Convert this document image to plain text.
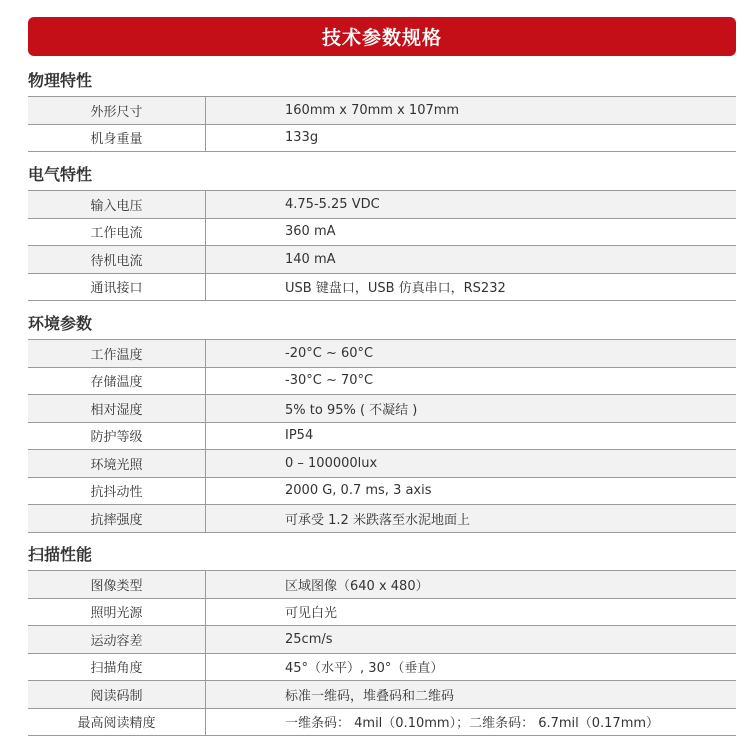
技术参数规格
物理特性
外形尺寸	160mm x 70mm x 107mm
机身重量	133g
电气特性
输入电压	4.75-5.25 VDC
工作电流	360 mA
待机电流	140 mA
通讯接口	USB 键盘口，USB 仿真串口，RS232
环境参数
工作温度	-20°C ~ 60°C
存储温度	-30°C ~ 70°C
相对湿度	5% to 95% ( 不凝结 )
防护等级	IP54
环境光照	0 – 100000lux
抗抖动性	2000 G, 0.7 ms, 3 axis
抗摔强度	可承受 1.2 米跌落至水泥地面上
扫描性能
图像类型	区域图像（640 x 480）
照明光源	可见白光
运动容差	25cm/s
扫描角度	45°（水平）, 30°（垂直）
阅读码制	标准一维码，堆叠码和二维码
最高阅读精度	一维条码： 4mil（0.10mm）；二维条码： 6.7mil（0.17mm）
